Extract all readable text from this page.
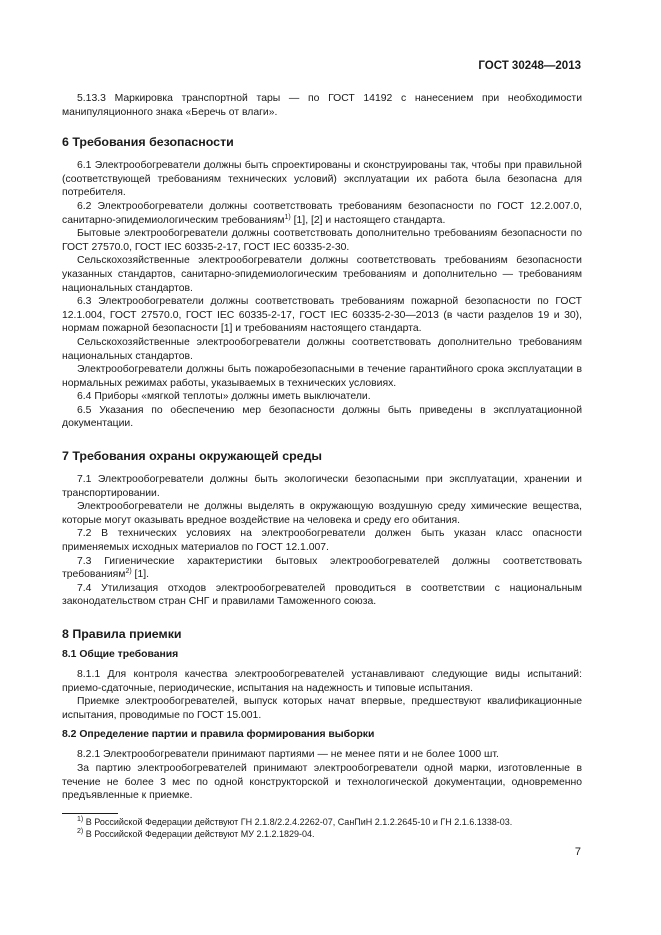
ГОСТ 30248—2013

5.13.3 Маркировка транспортной тары — по ГОСТ 14192 с нанесением при необходимости манипуляционного знака «Беречь от влаги».

6 Требования безопасности

6.1 Электрообогреватели должны быть спроектированы и сконструированы так, чтобы при правильной (соответствующей требованиям технических условий) эксплуатации их работа была безопасна для потребителя.

6.2 Электрообогреватели должны соответствовать требованиям безопасности по ГОСТ 12.2.007.0, санитарно-эпидемиологическим требованиям$^{1)}$ [1], [2] и настоящего стандарта.

Бытовые электрообогреватели должны соответствовать дополнительно требованиям безопасности по ГОСТ 27570.0, ГОСТ IEC 60335-2-17, ГОСТ IEC 60335-2-30.

Сельскохозяйственные электрообогреватели должны соответствовать требованиям безопасности указанных стандартов, санитарно-эпидемиологическим требованиям и дополнительно — требованиям национальных стандартов.

6.3 Электрообогреватели должны соответствовать требованиям пожарной безопасности по ГОСТ 12.1.004, ГОСТ 27570.0, ГОСТ IEC 60335-2-17, ГОСТ IEC 60335-2-30—2013 (в части разделов 19 и 30), нормам пожарной безопасности [1] и требованиям настоящего стандарта.

Сельскохозяйственные электрообогреватели должны соответствовать дополнительно требованиям национальных стандартов.

Электрообогреватели должны быть пожаробезопасными в течение гарантийного срока эксплуатации в нормальных режимах работы, указываемых в технических условиях.

6.4 Приборы «мягкой теплоты» должны иметь выключатели.

6.5 Указания по обеспечению мер безопасности должны быть приведены в эксплуатационной документации.

7 Требования охраны окружающей среды

7.1 Электрообогреватели должны быть экологически безопасными при эксплуатации, хранении и транспортировании.

Электрообогреватели не должны выделять в окружающую воздушную среду химические вещества, которые могут оказывать вредное воздействие на человека и среду его обитания.

7.2 В технических условиях на электрообогреватели должен быть указан класс опасности применяемых исходных материалов по ГОСТ 12.1.007.

7.3 Гигиенические характеристики бытовых электрообогревателей должны соответствовать требованиям$^{2)}$ [1].

7.4 Утилизация отходов электрообогревателей проводиться в соответствии с национальным законодательством стран СНГ и правилами Таможенного союза.

8 Правила приемки

8.1 Общие требования

8.1.1 Для контроля качества электрообогревателей устанавливают следующие виды испытаний: приемо-сдаточные, периодические, испытания на надежность и типовые испытания.

Приемке электрообогревателей, выпуск которых начат впервые, предшествуют квалификационные испытания, проводимые по ГОСТ 15.001.

8.2 Определение партии и правила формирования выборки

8.2.1 Электрообогреватели принимают партиями — не менее пяти и не более 1000 шт.

За партию электрообогревателей принимают электрообогреватели одной марки, изготовленные в течение не более 3 мес по одной конструкторской и технологической документации, одновременно предъявленные к приемке.

$^{1)}$ В Российской Федерации действуют ГН 2.1.8/2.2.4.2262-07, СанПиН 2.1.2.2645-10 и ГН 2.1.6.1338-03.

$^{2)}$ В Российской Федерации действуют МУ 2.1.2.1829-04.

7
